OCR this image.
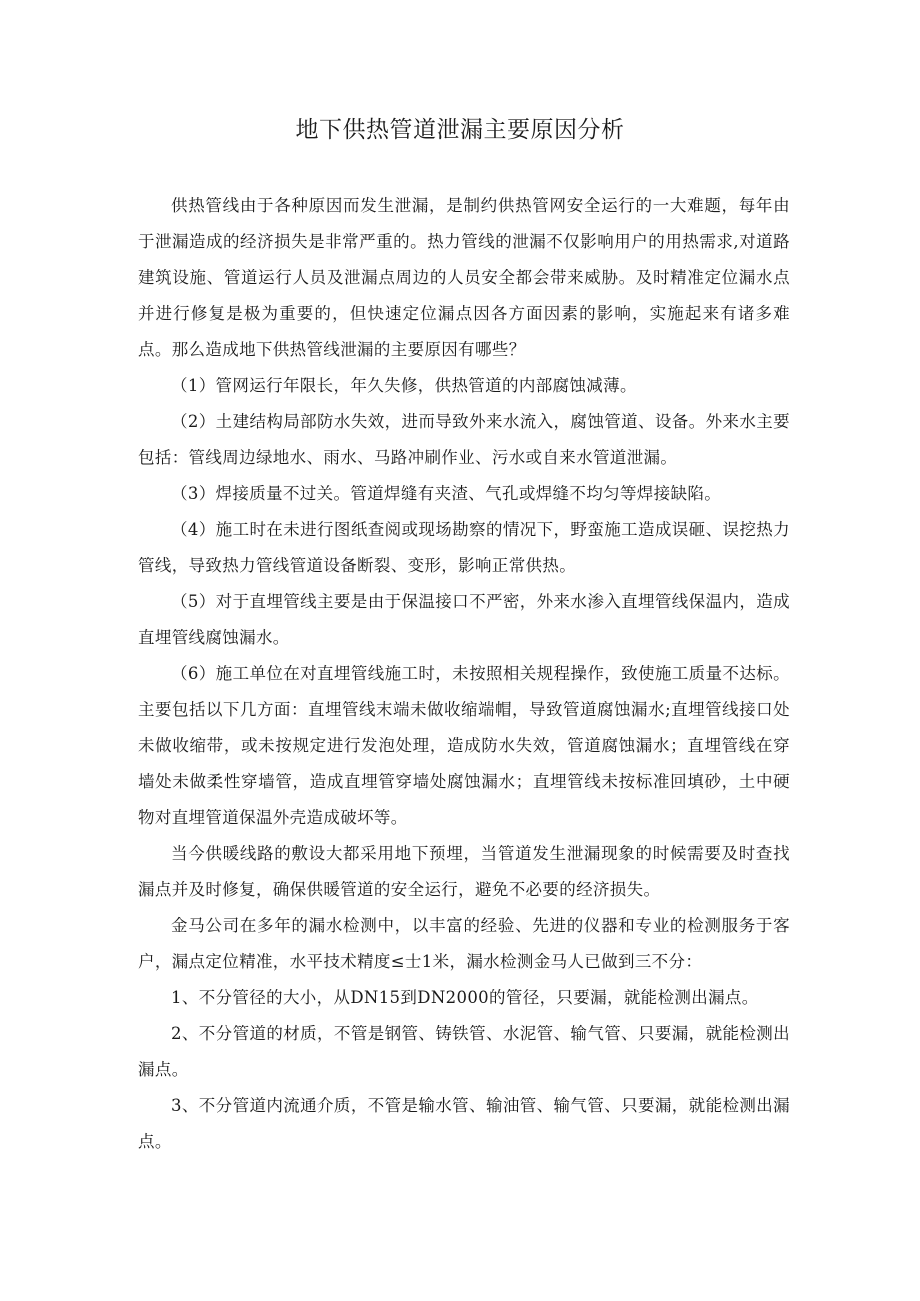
地下供热管道泄漏主要原因分析

供热管线由于各种原因而发生泄漏，是制约供热管网安全运行的一大难题，每年由于泄漏造成的经济损失是非常严重的。热力管线的泄漏不仅影响用户的用热需求,对道路建筑设施、管道运行人员及泄漏点周边的人员安全都会带来威胁。及时精准定位漏水点并进行修复是极为重要的，但快速定位漏点因各方面因素的影响，实施起来有诸多难点。那么造成地下供热管线泄漏的主要原因有哪些？

（1）管网运行年限长，年久失修，供热管道的内部腐蚀减薄。

（2）土建结构局部防水失效，进而导致外来水流入，腐蚀管道、设备。外来水主要包括：管线周边绿地水、雨水、马路冲刷作业、污水或自来水管道泄漏。

（3）焊接质量不过关。管道焊缝有夹渣、气孔或焊缝不均匀等焊接缺陷。

（4）施工时在未进行图纸查阅或现场勘察的情况下，野蛮施工造成误砸、误挖热力管线，导致热力管线管道设备断裂、变形，影响正常供热。

（5）对于直埋管线主要是由于保温接口不严密，外来水渗入直埋管线保温内，造成直埋管线腐蚀漏水。

（6）施工单位在对直埋管线施工时，未按照相关规程操作，致使施工质量不达标。主要包括以下几方面：直埋管线末端未做收缩端帽，导致管道腐蚀漏水;直埋管线接口处未做收缩带，或未按规定进行发泡处理，造成防水失效，管道腐蚀漏水；直埋管线在穿墙处未做柔性穿墙管，造成直埋管穿墙处腐蚀漏水；直埋管线未按标准回填砂，土中硬物对直埋管道保温外壳造成破坏等。

当今供暖线路的敷设大都采用地下预埋，当管道发生泄漏现象的时候需要及时查找漏点并及时修复，确保供暖管道的安全运行，避免不必要的经济损失。

金马公司在多年的漏水检测中，以丰富的经验、先进的仪器和专业的检测服务于客户，漏点定位精准，水平技术精度≤士1米，漏水检测金马人已做到三不分：

1、不分管径的大小，从DN15到DN2000的管径，只要漏，就能检测出漏点。

2、不分管道的材质，不管是钢管、铸铁管、水泥管、输气管、只要漏，就能检测出漏点。

3、不分管道内流通介质，不管是输水管、输油管、输气管、只要漏，就能检测出漏点。
